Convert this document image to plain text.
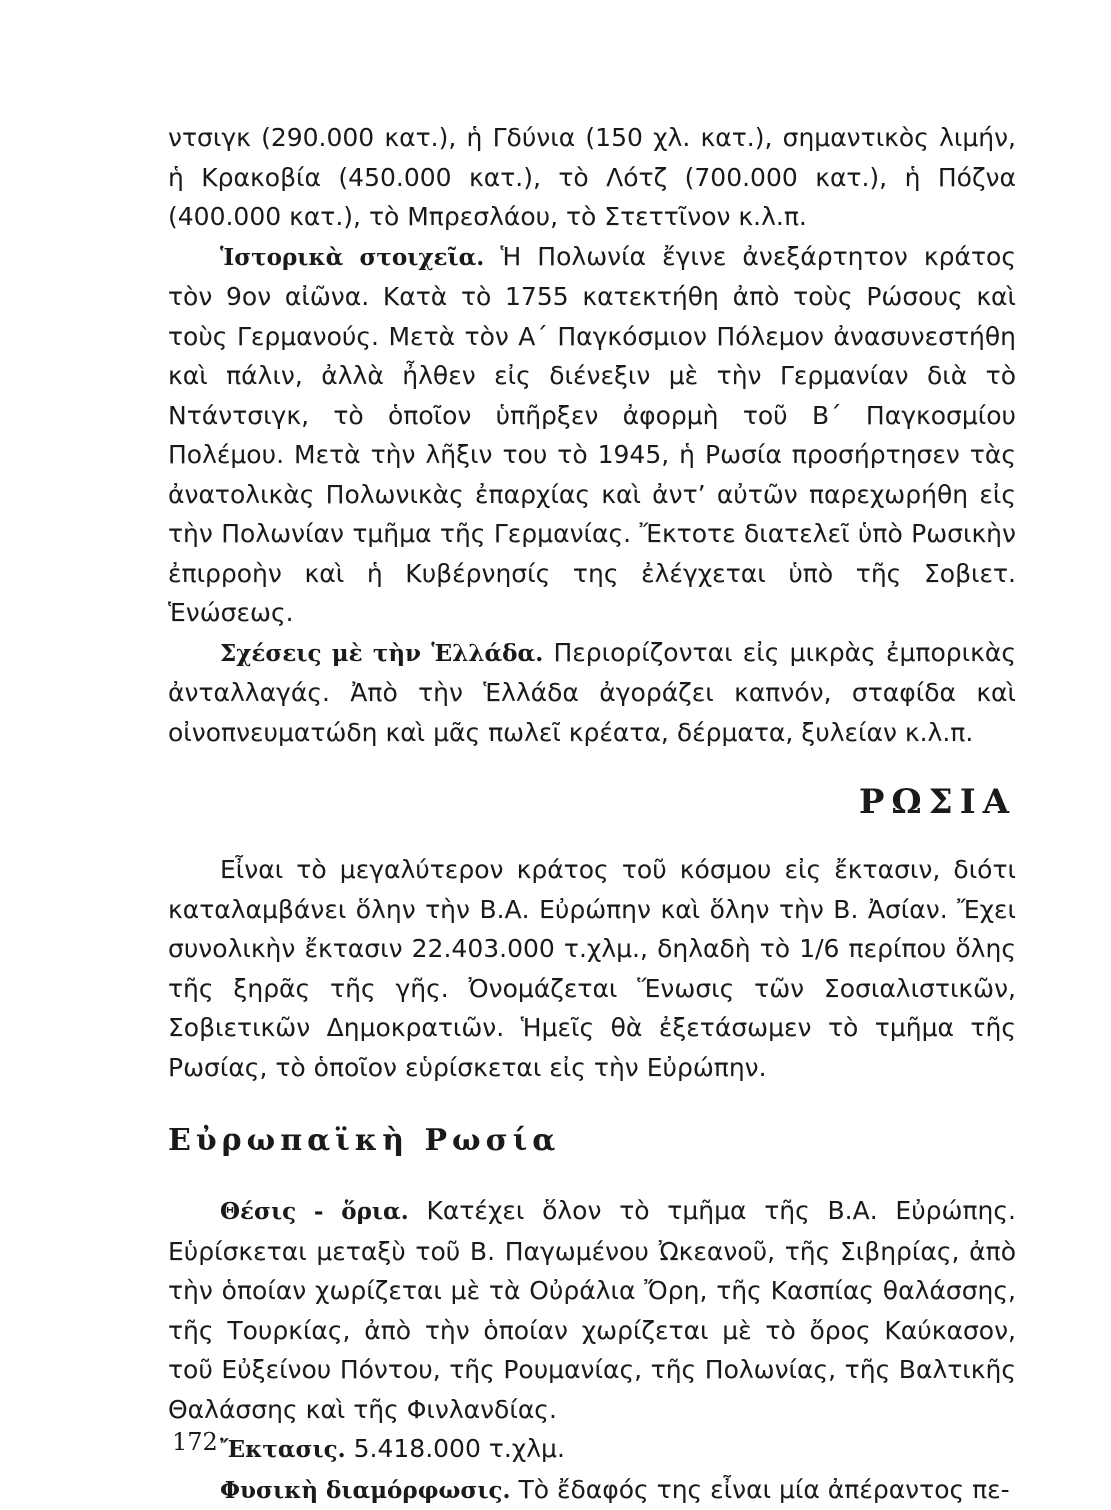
ντσιγκ (290.000 κατ.), ἡ Γδύνια (150 χλ. κατ.), σημαντικὸς λιμήν, ἡ Κρακοβία (450.000 κατ.), τὸ Λότζ (700.000 κατ.), ἡ Πόζνα (400.000 κατ.), τὸ Μπρεσλάου, τὸ Στεττῖνον κ.λ.π.

Ἱστορικὰ στοιχεῖα. Ἡ Πολωνία ἔγινε ἀνεξάρτητον κράτος τὸν 9ον αἰῶνα. Κατὰ τὸ 1755 κατεκτήθη ἀπὸ τοὺς Ρώσους καὶ τοὺς Γερμανούς. Μετὰ τὸν Α΄ Παγκόσμιον Πόλεμον ἀνασυνεστήθη καὶ πάλιν, ἀλλὰ ἦλθεν εἰς διένεξιν μὲ τὴν Γερμανίαν διὰ τὸ Ντάντσιγκ, τὸ ὁποῖον ὑπῆρξεν ἀφορμὴ τοῦ Β΄ Παγκοσμίου Πολέμου. Μετὰ τὴν λῆξιν του τὸ 1945, ἡ Ρωσία προσήρτησεν τὰς ἀνατολικὰς Πολωνικὰς ἐπαρχίας καὶ ἀντ’ αὐτῶν παρεχωρήθη εἰς τὴν Πολωνίαν τμῆμα τῆς Γερμανίας. Ἔκτοτε διατελεῖ ὑπὸ Ρωσικὴν ἐπιρροὴν καὶ ἡ Κυβέρνησίς της ἐλέγχεται ὑπὸ τῆς Σοβιετ. Ἑνώσεως.

Σχέσεις μὲ τὴν Ἑλλάδα. Περιορίζονται εἰς μικρὰς ἐμπορικὰς ἀνταλλαγάς. Ἀπὸ τὴν Ἑλλάδα ἀγοράζει καπνόν, σταφίδα καὶ οἰνοπνευματώδη καὶ μᾶς πωλεῖ κρέατα, δέρματα, ξυλείαν κ.λ.π.

ΡΩΣΙΑ

Εἶναι τὸ μεγαλύτερον κράτος τοῦ κόσμου εἰς ἔκτασιν, διότι καταλαμβάνει ὅλην τὴν Β.Α. Εὐρώπην καὶ ὅλην τὴν Β. Ἀσίαν. Ἔχει συνολικὴν ἔκτασιν 22.403.000 τ.χλμ., δηλαδὴ τὸ 1/6 περίπου ὅλης τῆς ξηρᾶς τῆς γῆς. Ὀνομάζεται Ἕνωσις τῶν Σοσιαλιστικῶν, Σοβιετικῶν Δημοκρατιῶν. Ἡμεῖς θὰ ἐξετάσωμεν τὸ τμῆμα τῆς Ρωσίας, τὸ ὁποῖον εὑρίσκεται εἰς τὴν Εὐρώπην.

Εὐρωπαϊκὴ Ρωσία

Θέσις - ὅρια. Κατέχει ὅλον τὸ τμῆμα τῆς Β.Α. Εὐρώπης. Εὑρίσκεται μεταξὺ τοῦ Β. Παγωμένου Ὠκεανοῦ, τῆς Σιβηρίας, ἀπὸ τὴν ὁποίαν χωρίζεται μὲ τὰ Οὐράλια Ὄρη, τῆς Κασπίας θαλάσσης, τῆς Τουρκίας, ἀπὸ τὴν ὁποίαν χωρίζεται μὲ τὸ ὄρος Καύκασον, τοῦ Εὐξείνου Πόντου, τῆς Ρουμανίας, τῆς Πολωνίας, τῆς Βαλτικῆς Θαλάσσης καὶ τῆς Φινλανδίας.

Ἔκτασις. 5.418.000 τ.χλμ.

Φυσικὴ διαμόρφωσις. Τὸ ἔδαφός της εἶναι μία ἀπέραντος πε-

172
